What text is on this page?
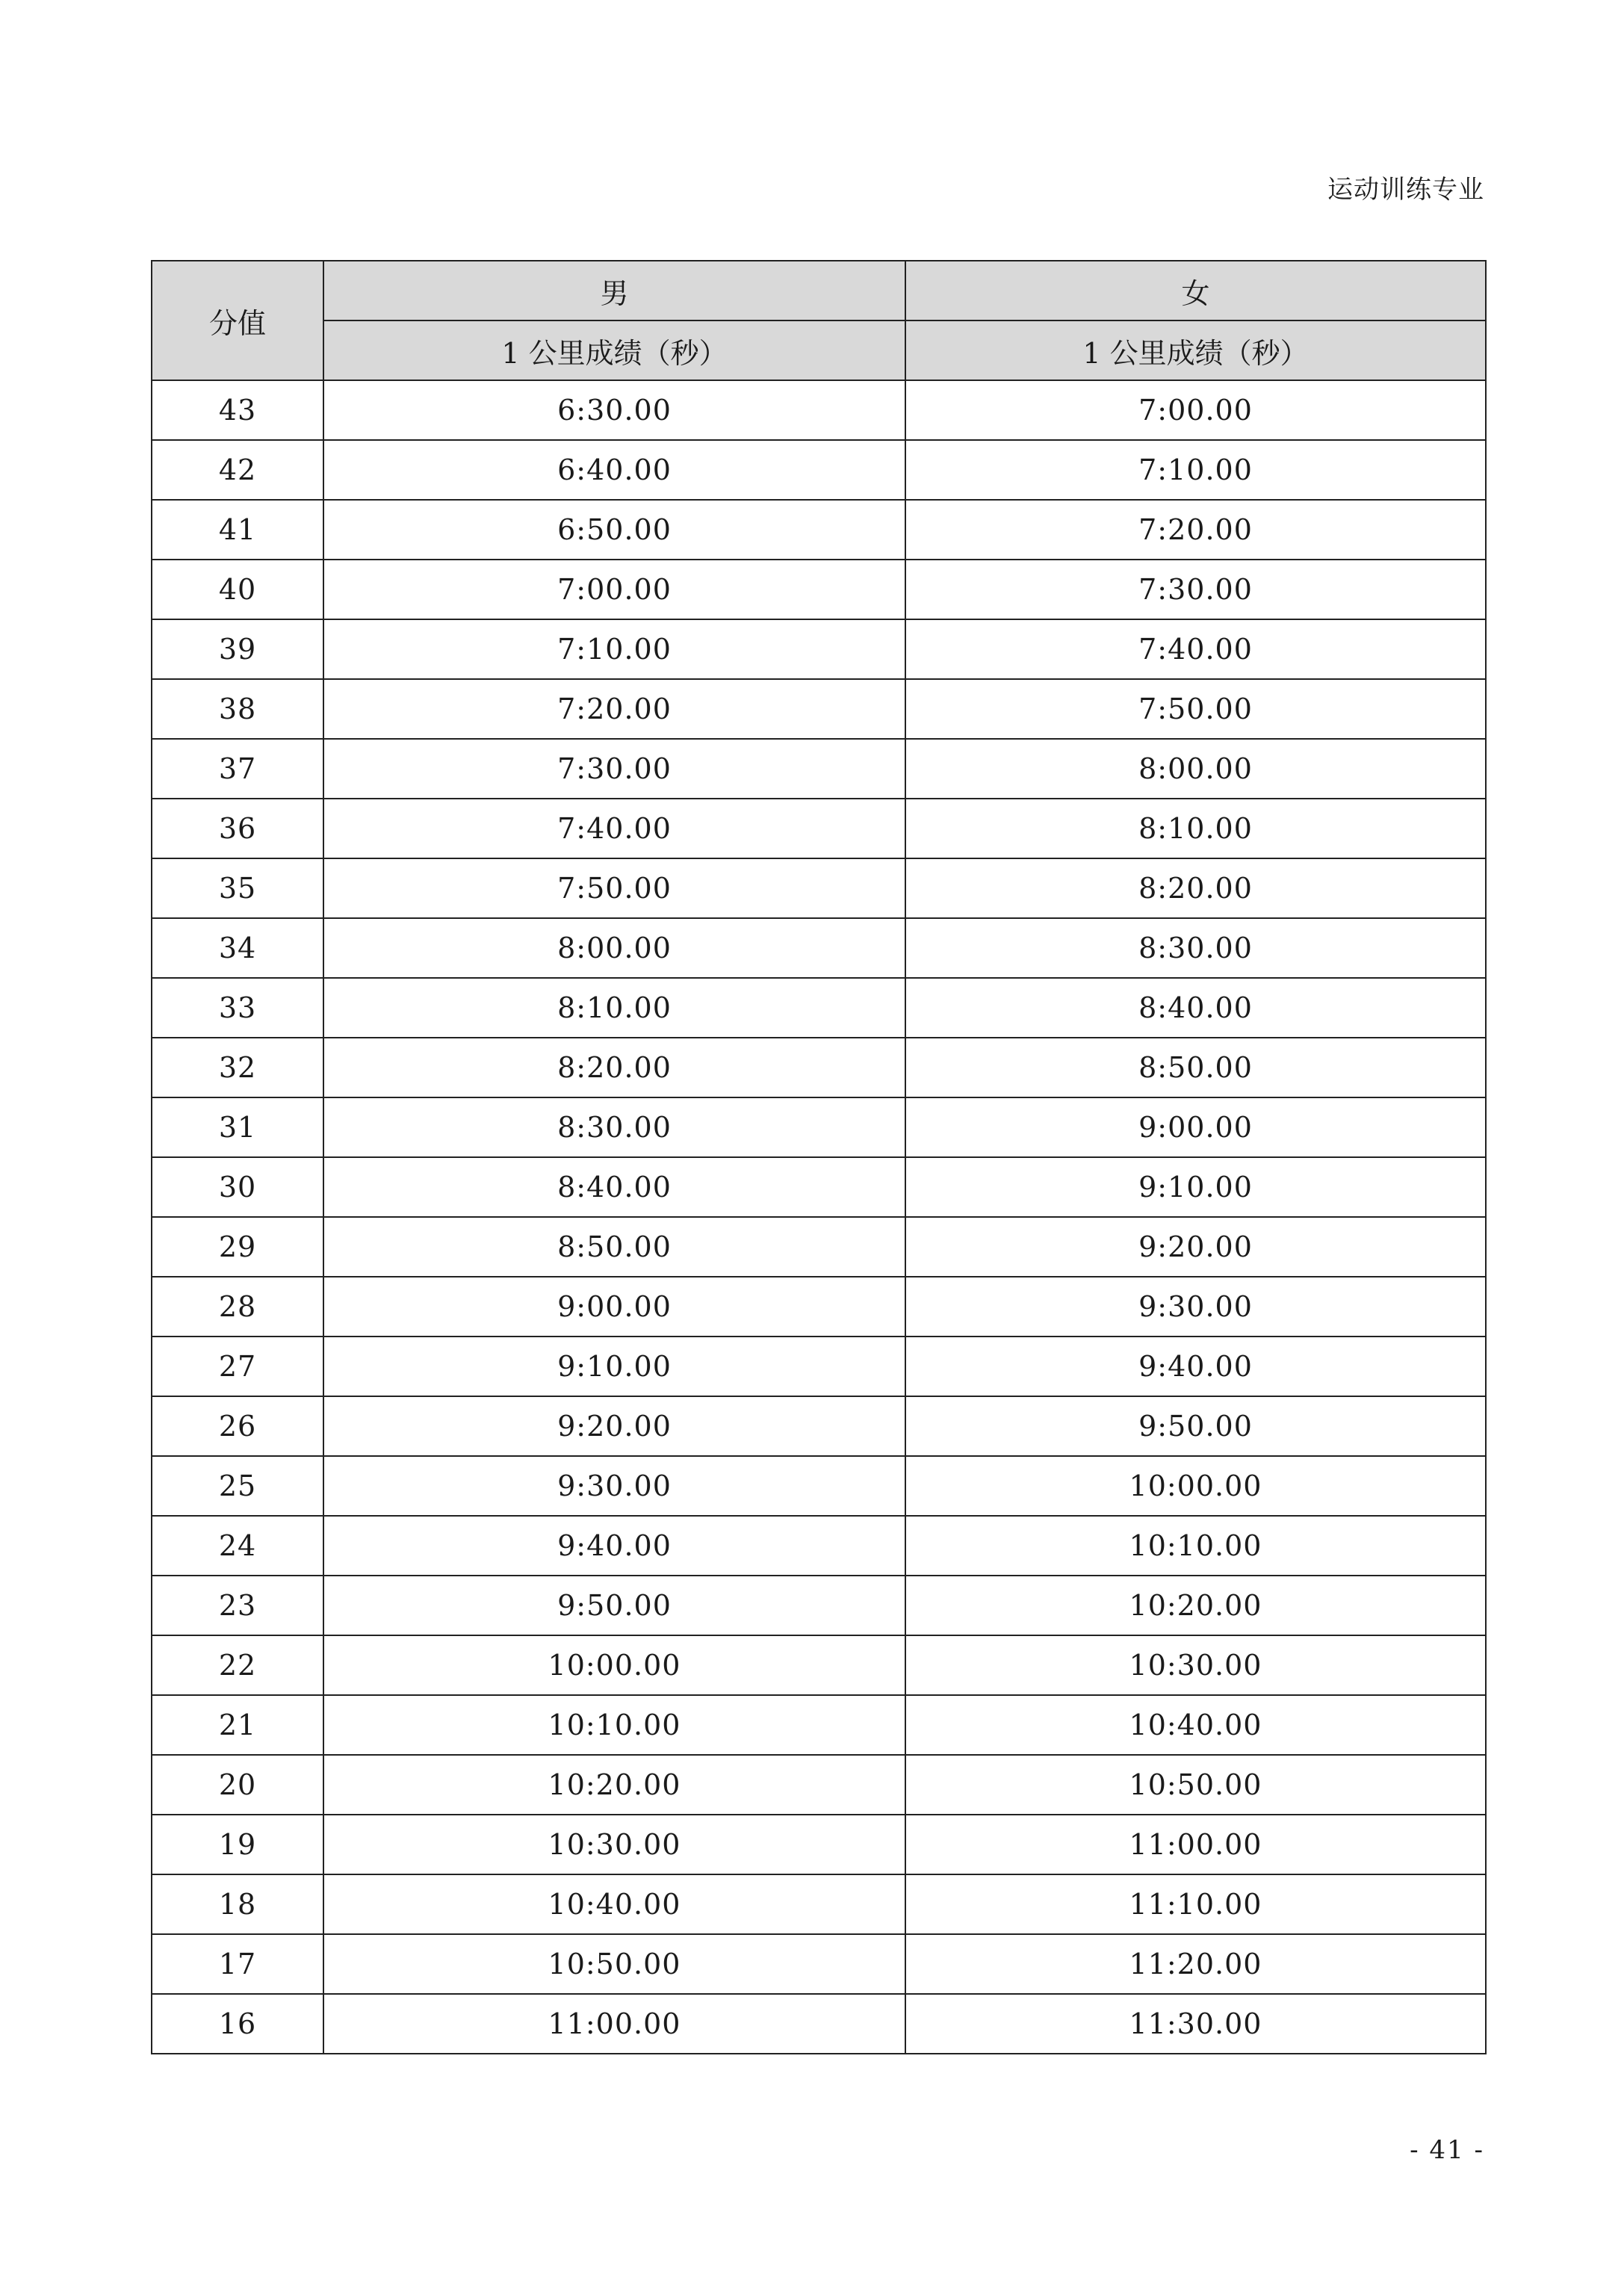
运动训练专业
分值	男	女
	1 公里成绩（秒）	1 公里成绩（秒）
43	6:30.00	7:00.00
42	6:40.00	7:10.00
41	6:50.00	7:20.00
40	7:00.00	7:30.00
39	7:10.00	7:40.00
38	7:20.00	7:50.00
37	7:30.00	8:00.00
36	7:40.00	8:10.00
35	7:50.00	8:20.00
34	8:00.00	8:30.00
33	8:10.00	8:40.00
32	8:20.00	8:50.00
31	8:30.00	9:00.00
30	8:40.00	9:10.00
29	8:50.00	9:20.00
28	9:00.00	9:30.00
27	9:10.00	9:40.00
26	9:20.00	9:50.00
25	9:30.00	10:00.00
24	9:40.00	10:10.00
23	9:50.00	10:20.00
22	10:00.00	10:30.00
21	10:10.00	10:40.00
20	10:20.00	10:50.00
19	10:30.00	11:00.00
18	10:40.00	11:10.00
17	10:50.00	11:20.00
16	11:00.00	11:30.00
- 41 -
